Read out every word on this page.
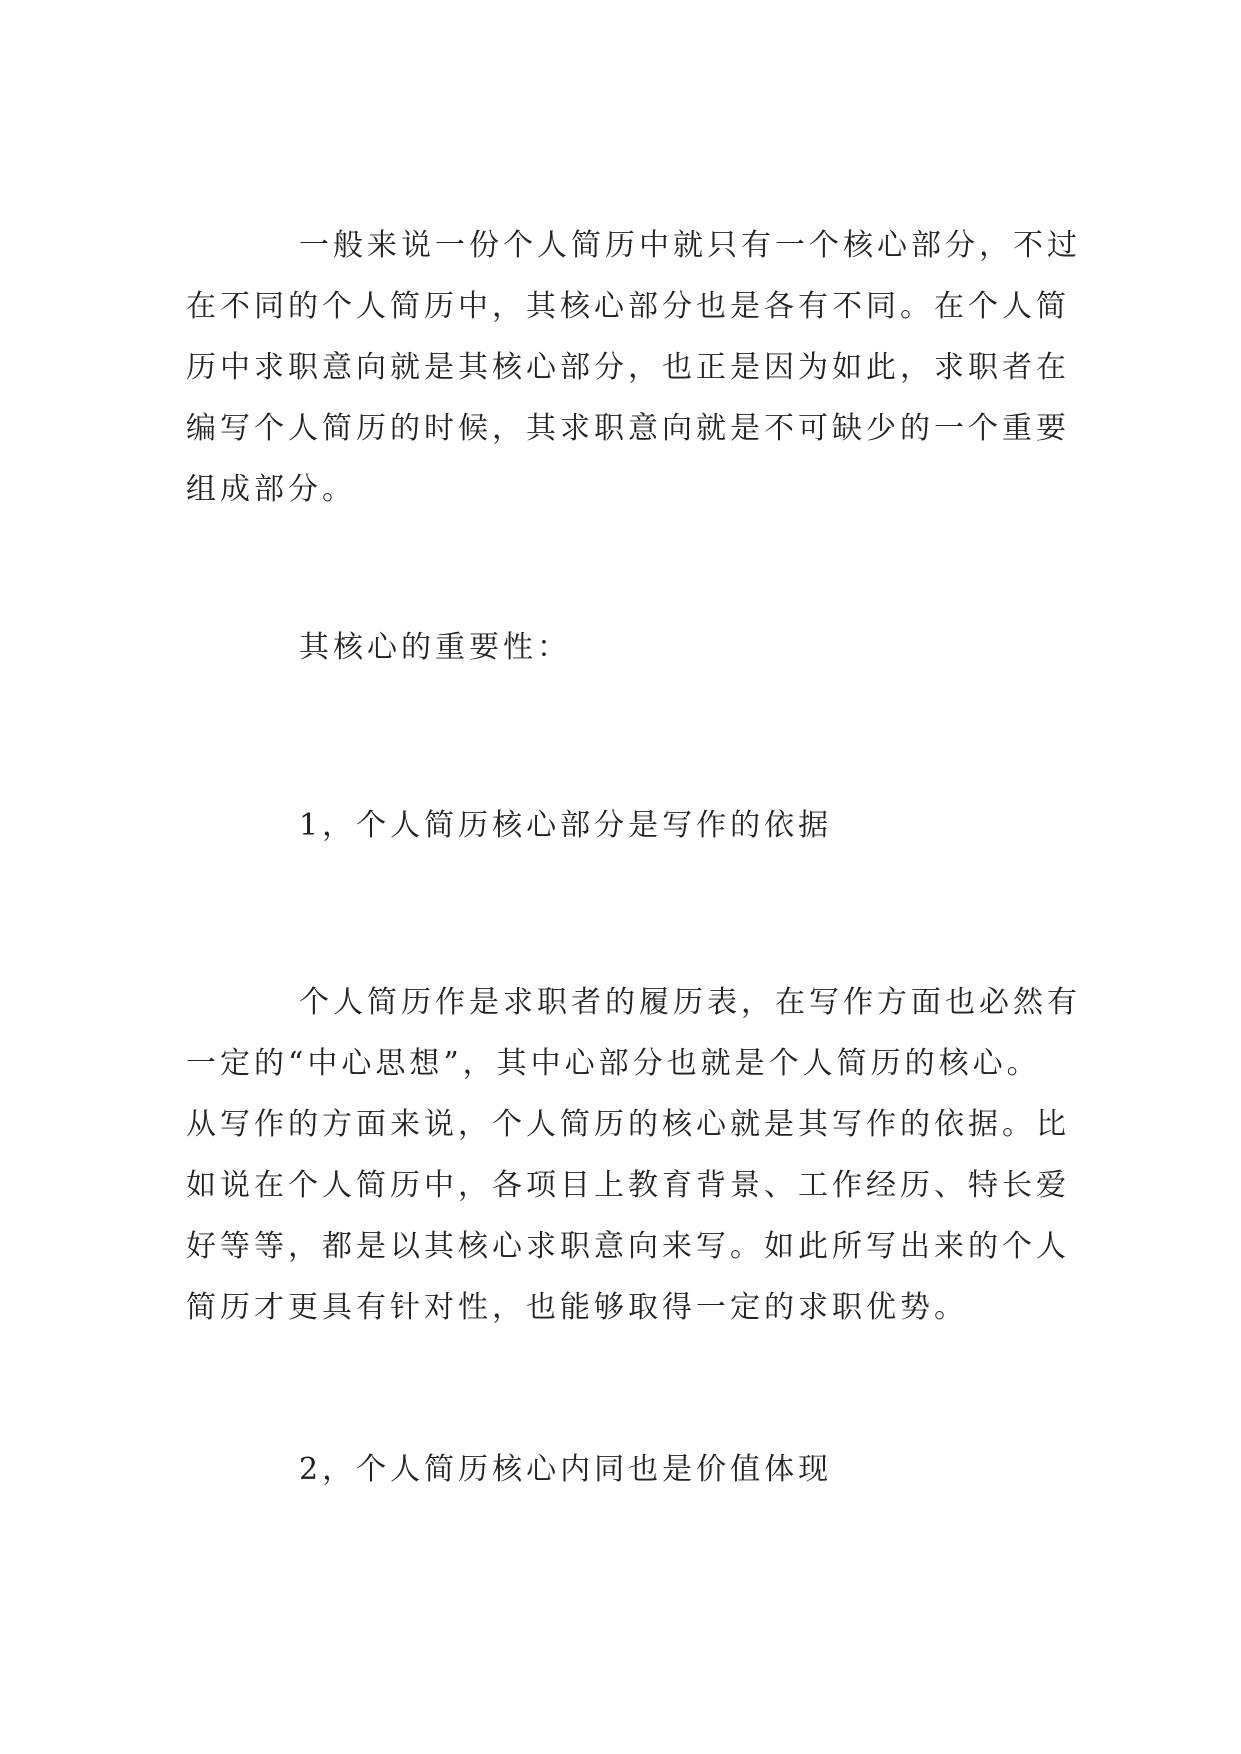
一般来说一份个人简历中就只有一个核心部分，不过
在不同的个人简历中，其核心部分也是各有不同。在个人简
历中求职意向就是其核心部分，也正是因为如此，求职者在
编写个人简历的时候，其求职意向就是不可缺少的一个重要
组成部分。
其核心的重要性：
1，个人简历核心部分是写作的依据
个人简历作是求职者的履历表，在写作方面也必然有
一定的“中心思想”，其中心部分也就是个人简历的核心。
从写作的方面来说，个人简历的核心就是其写作的依据。比
如说在个人简历中，各项目上教育背景、工作经历、特长爱
好等等，都是以其核心求职意向来写。如此所写出来的个人
简历才更具有针对性，也能够取得一定的求职优势。
2，个人简历核心内同也是价值体现
